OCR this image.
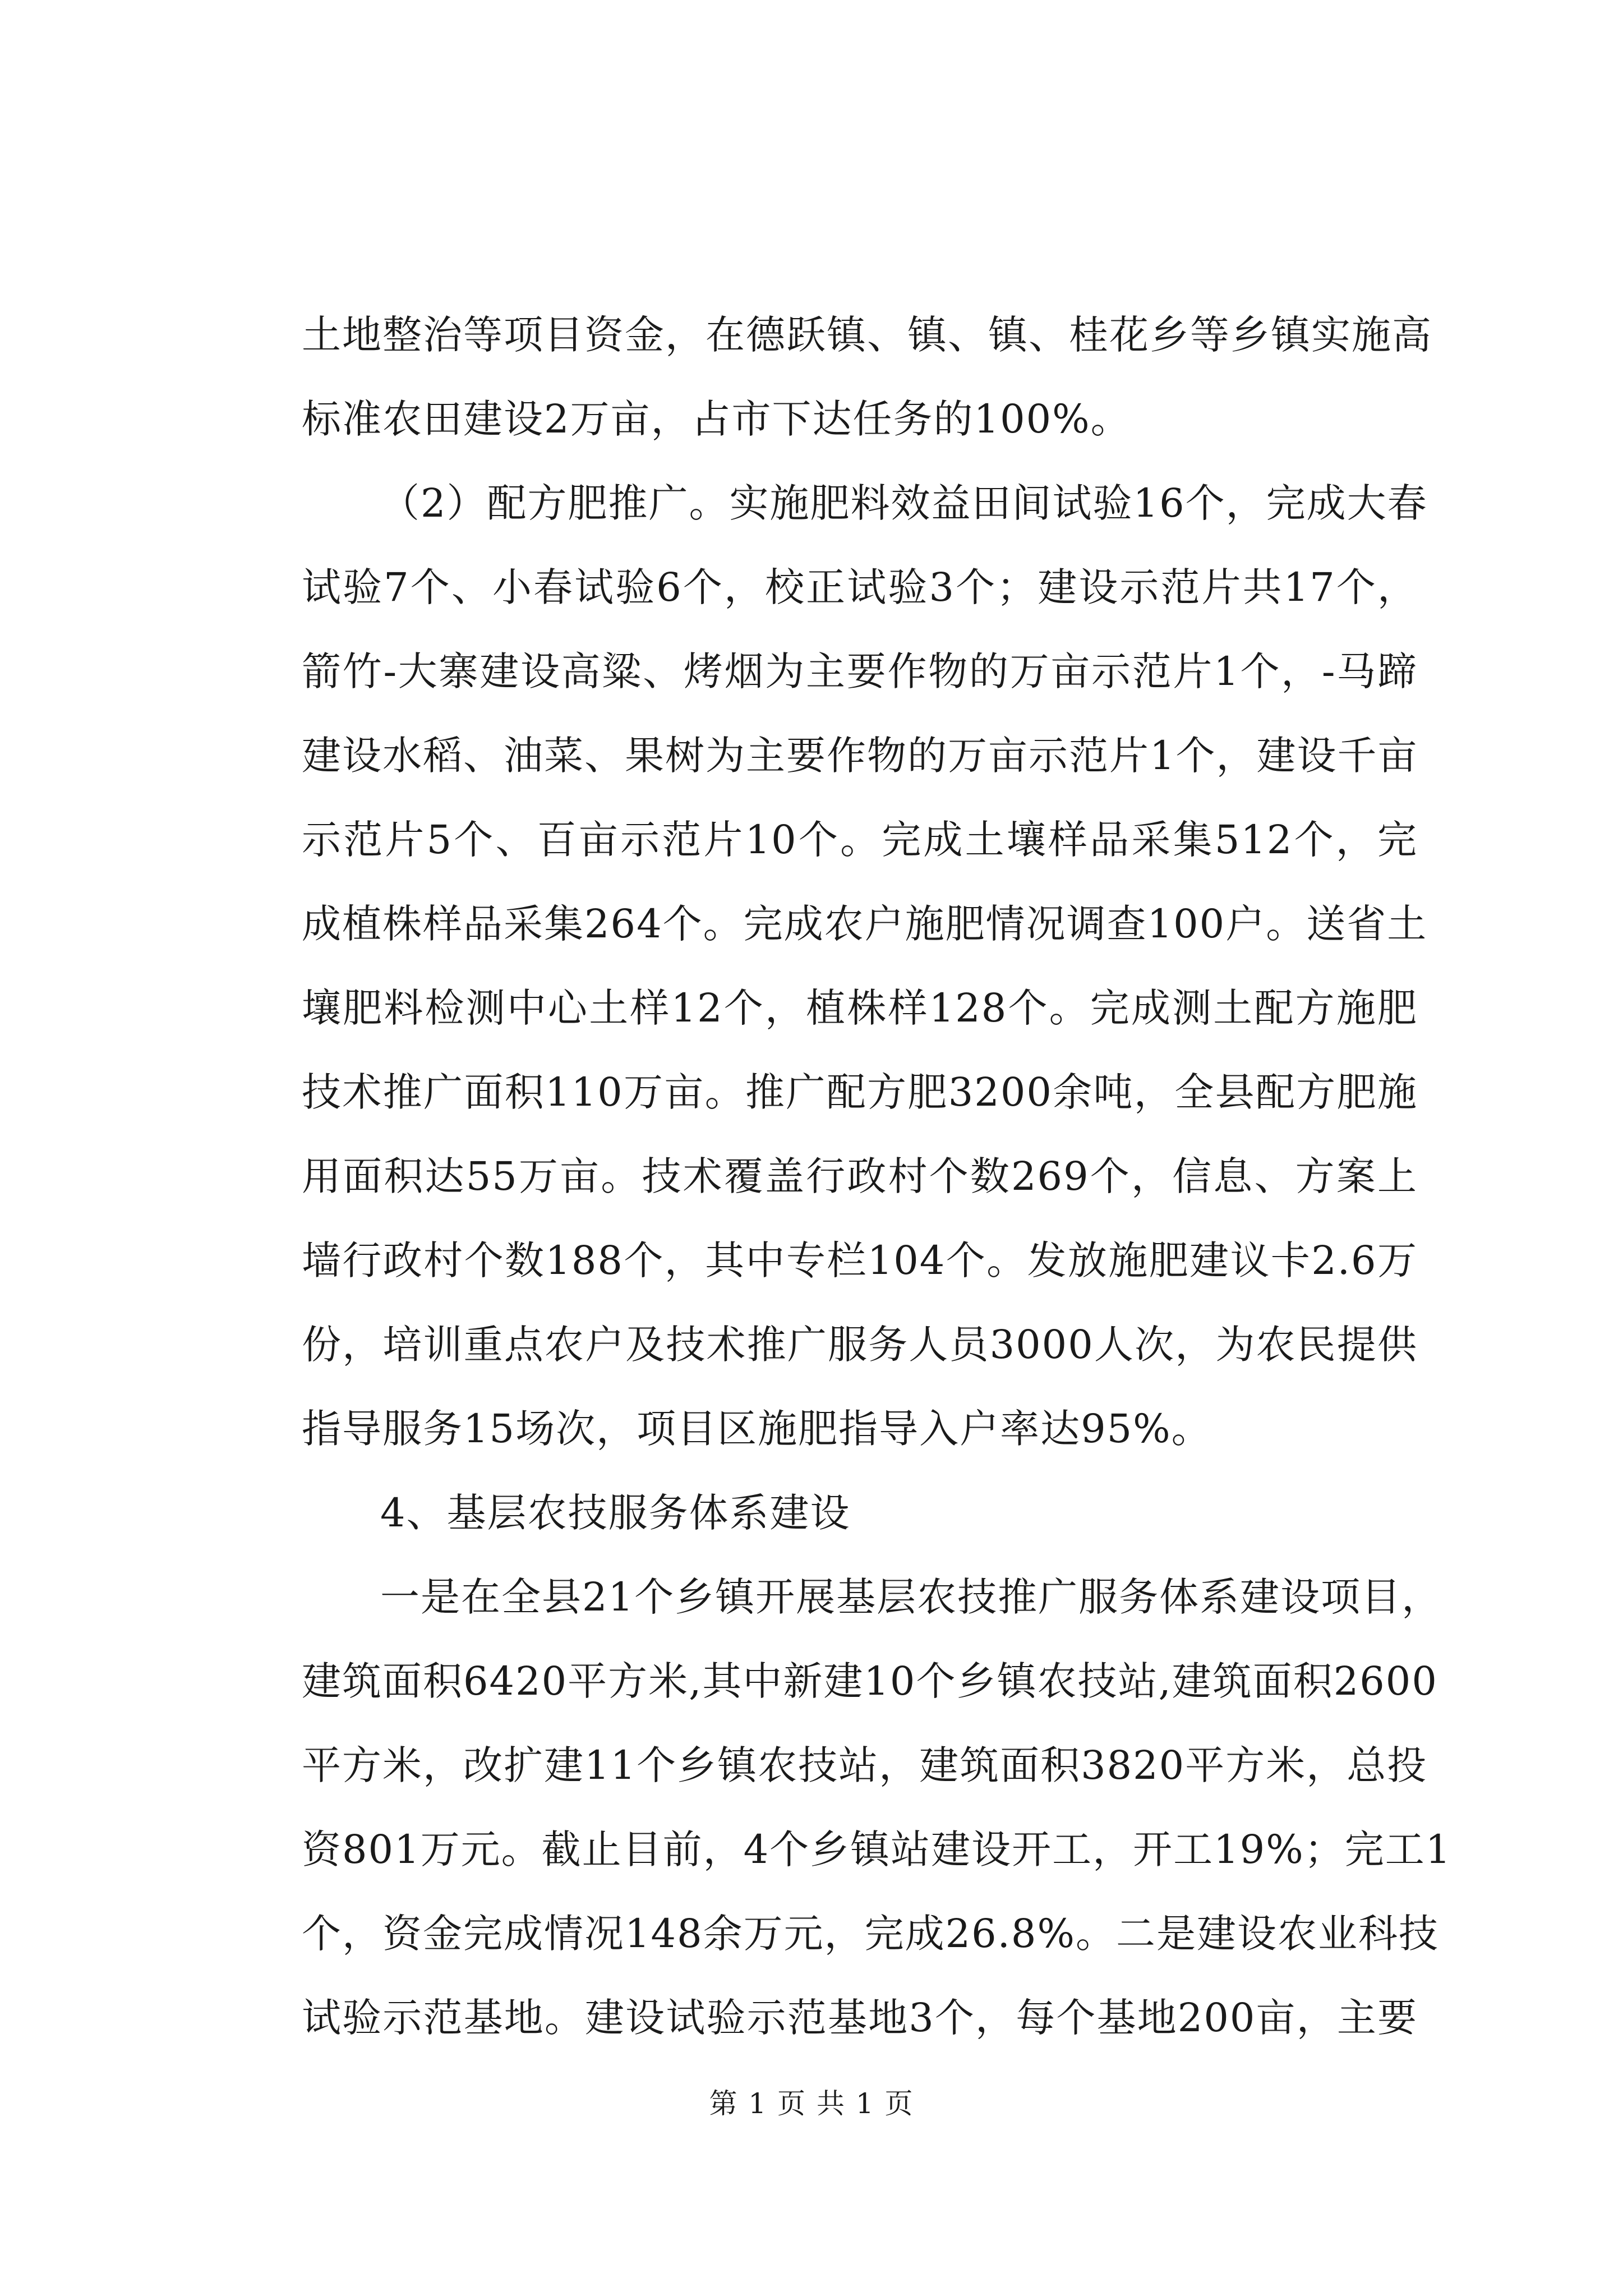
土地整治等项目资金，在德跃镇、镇、镇、桂花乡等乡镇实施高
标准农田建设2万亩，占市下达任务的100%。
（2）配方肥推广。实施肥料效益田间试验16个，完成大春
试验7个、小春试验6个，校正试验3个；建设示范片共17个，
箭竹-大寨建设高粱、烤烟为主要作物的万亩示范片1个，-马蹄
建设水稻、油菜、果树为主要作物的万亩示范片1个，建设千亩
示范片5个、百亩示范片10个。完成土壤样品采集512个，完
成植株样品采集264个。完成农户施肥情况调查100户。送省土
壤肥料检测中心土样12个，植株样128个。完成测土配方施肥
技术推广面积110万亩。推广配方肥3200余吨，全县配方肥施
用面积达55万亩。技术覆盖行政村个数269个，信息、方案上
墙行政村个数188个，其中专栏104个。发放施肥建议卡2.6万
份，培训重点农户及技术推广服务人员3000人次，为农民提供
指导服务15场次，项目区施肥指导入户率达95%。
4、基层农技服务体系建设
一是在全县21个乡镇开展基层农技推广服务体系建设项目，
建筑面积6420平方米,其中新建10个乡镇农技站,建筑面积2600
平方米，改扩建11个乡镇农技站，建筑面积3820平方米，总投
资801万元。截止目前，4个乡镇站建设开工，开工19%；完工1
个，资金完成情况148余万元，完成26.8%。二是建设农业科技
试验示范基地。建设试验示范基地3个，每个基地200亩，主要
第 1 页 共 1 页
